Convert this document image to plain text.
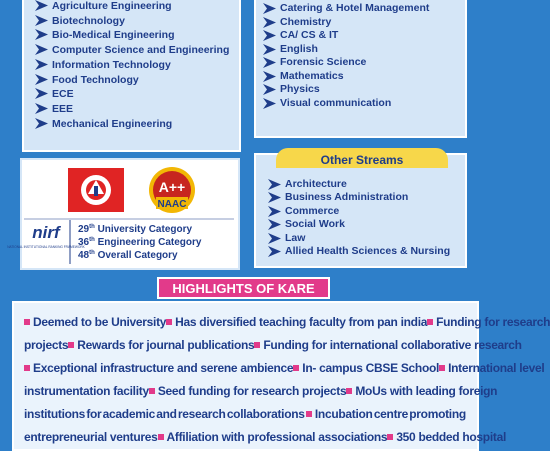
Agriculture Engineering
Biotechnology
Bio-Medical Engineering
Computer Science and Engineering
Information Technology
Food Technology
ECE
EEE
Mechanical Engineering
Catering & Hotel Management
Chemistry
CA/ CS & IT
English
Forensic Science
Mathematics
Physics
Visual communication
A++
NAAC
nirf
NATIONAL INSTITUTIONAL RANKING FRAMEWORK
29th University Category
36th Engineering Category
48th Overall Category
Other Streams
Architecture
Business Administration
Commerce
Social Work
Law
Allied Health Sciences & Nursing
Deemed to be University Has diversified teaching faculty from pan india Funding for research
projects Rewards for journal publications Funding for international collaborative research
Exceptional infrastructure and serene ambience In- campus CBSE School International level
instrumentation facility Seed funding for research projects MoUs with leading foreign
institutions for academic and research collaborations Incubation centre promoting
entrepreneurial ventures Affiliation with professional associations 350 bedded hospital
HIGHLIGHTS OF KARE
